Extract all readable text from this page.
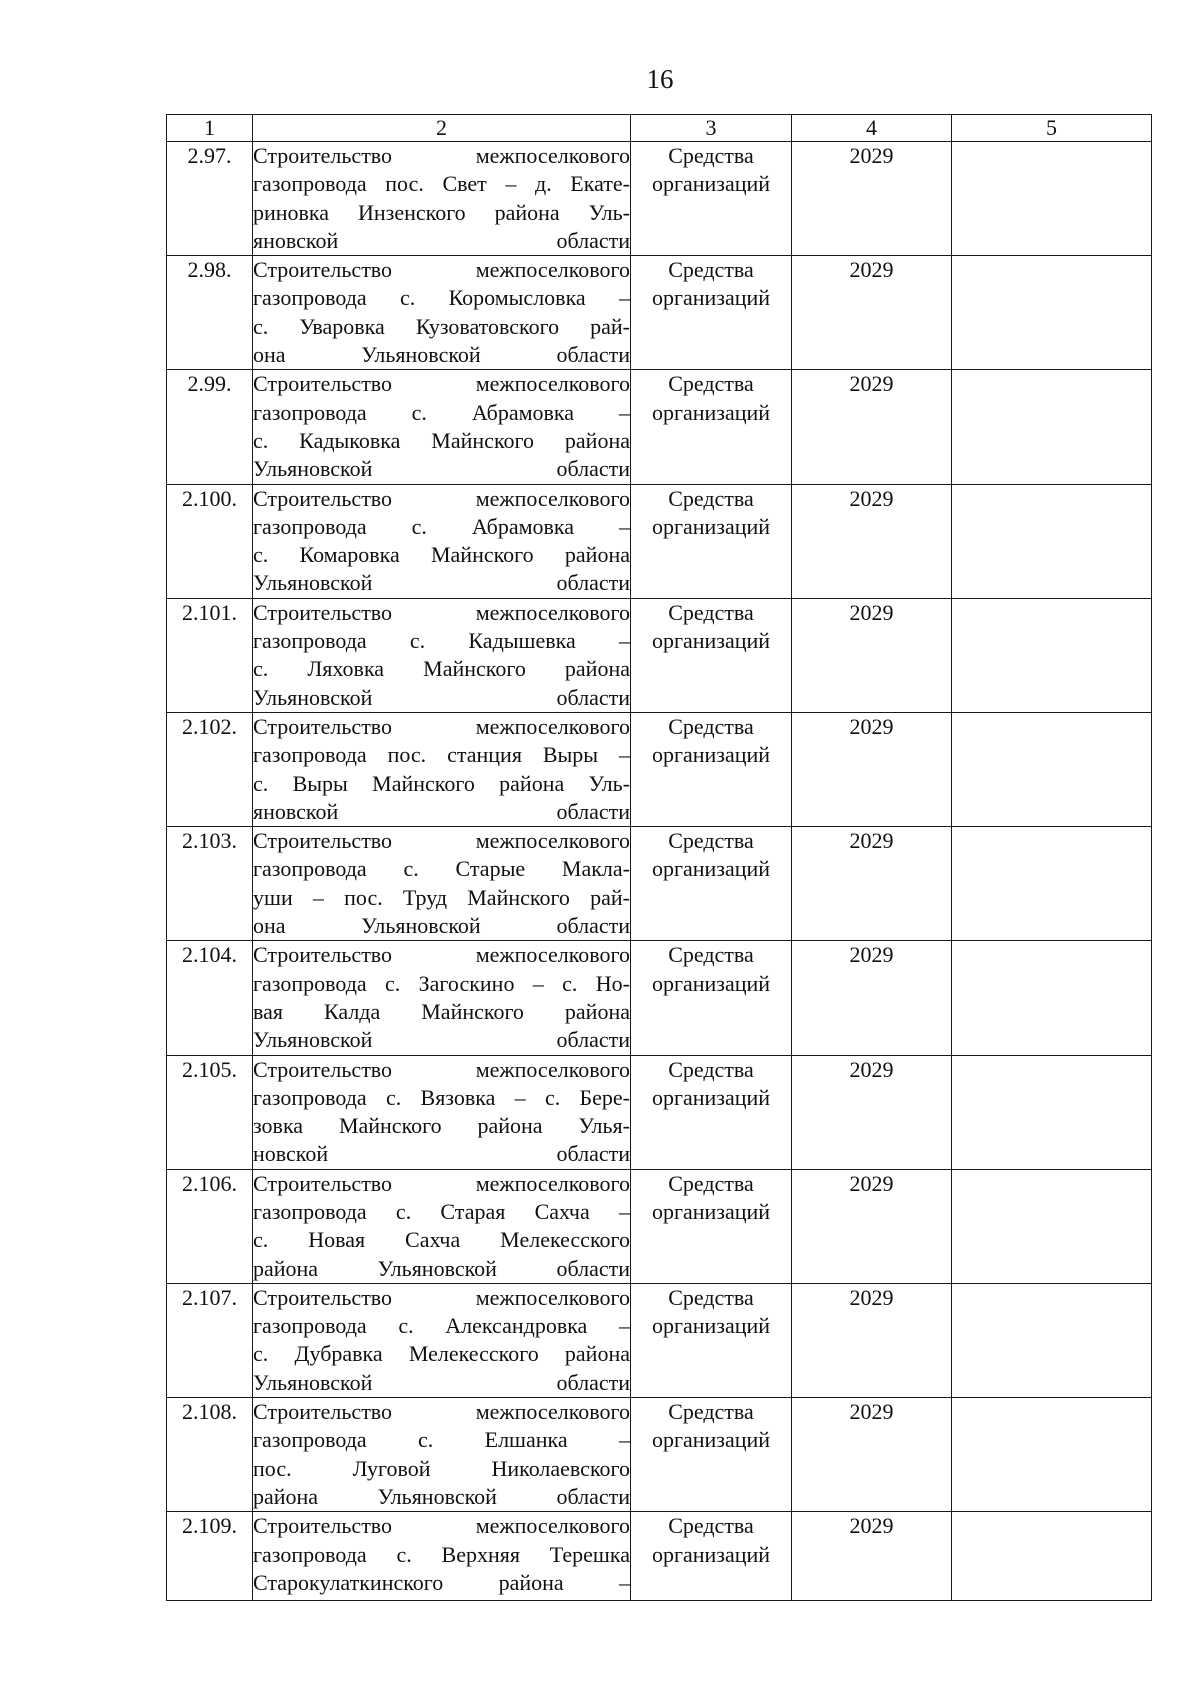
16
1	2	3	4	5
2.97.	Строительство межпоселкового
газопровода пос. Свет – д. Екате-
риновка Инзенского района Уль-
яновской области	Средства
организаций	2029	
2.98.	Строительство межпоселкового
газопровода с. Коромысловка –
с. Уваровка Кузоватовского рай-
она Ульяновской области	Средства
организаций	2029	
2.99.	Строительство межпоселкового
газопровода с. Абрамовка –
с. Кадыковка Майнского района
Ульяновской области	Средства
организаций	2029	
2.100.	Строительство межпоселкового
газопровода с. Абрамовка –
с. Комаровка Майнского района
Ульяновской области	Средства
организаций	2029	
2.101.	Строительство межпоселкового
газопровода с. Кадышевка –
с. Ляховка Майнского района
Ульяновской области	Средства
организаций	2029	
2.102.	Строительство межпоселкового
газопровода пос. станция Выры –
с. Выры Майнского района Уль-
яновской области	Средства
организаций	2029	
2.103.	Строительство межпоселкового
газопровода с. Старые Макла-
уши – пос. Труд Майнского рай-
она Ульяновской области	Средства
организаций	2029	
2.104.	Строительство межпоселкового
газопровода с. Загоскино – с. Но-
вая Калда Майнского района
Ульяновской области	Средства
организаций	2029	
2.105.	Строительство межпоселкового
газопровода с. Вязовка – с. Бере-
зовка Майнского района Улья-
новской области	Средства
организаций	2029	
2.106.	Строительство межпоселкового
газопровода с. Старая Сахча –
с. Новая Сахча Мелекесского
района Ульяновской области	Средства
организаций	2029	
2.107.	Строительство межпоселкового
газопровода с. Александровка –
с. Дубравка Мелекесского района
Ульяновской области	Средства
организаций	2029	
2.108.	Строительство межпоселкового
газопровода с. Елшанка –
пос. Луговой Николаевского
района Ульяновской области	Средства
организаций	2029	
2.109.	Строительство межпоселкового
газопровода с. Верхняя Терешка
Старокулаткинского района –	Средства
организаций	2029	
